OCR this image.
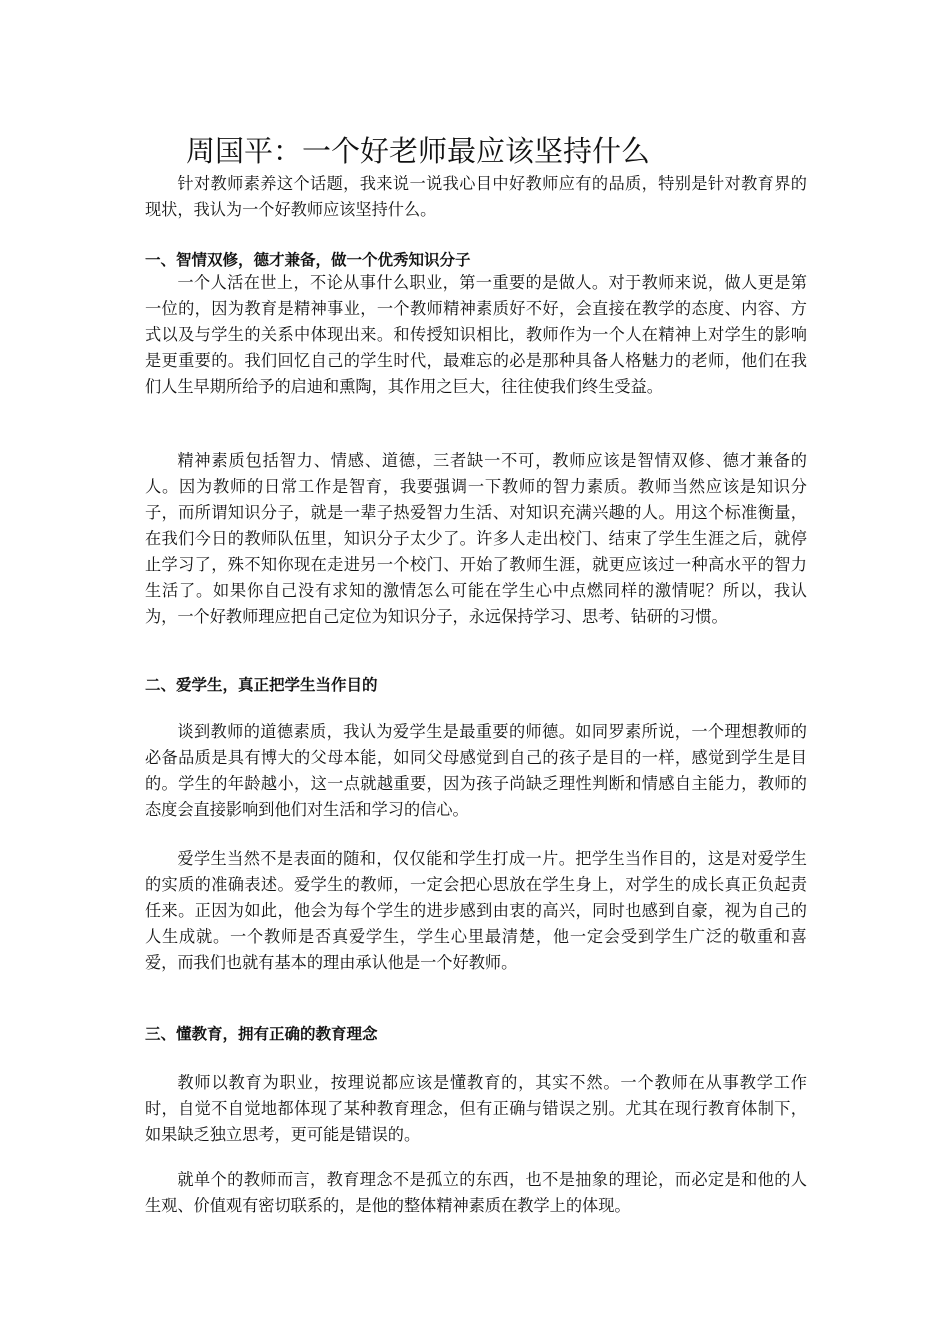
周国平：一个好老师最应该坚持什么

针对教师素养这个话题，我来说一说我心目中好教师应有的品质，特别是针对教育界的现状，我认为一个好教师应该坚持什么。

一、智情双修，德才兼备，做一个优秀知识分子

一个人活在世上，不论从事什么职业，第一重要的是做人。对于教师来说，做人更是第一位的，因为教育是精神事业，一个教师精神素质好不好，会直接在教学的态度、内容、方式以及与学生的关系中体现出来。和传授知识相比，教师作为一个人在精神上对学生的影响是更重要的。我们回忆自己的学生时代，最难忘的必是那种具备人格魅力的老师，他们在我们人生早期所给予的启迪和熏陶，其作用之巨大，往往使我们终生受益。

精神素质包括智力、情感、道德，三者缺一不可，教师应该是智情双修、德才兼备的人。因为教师的日常工作是智育，我要强调一下教师的智力素质。教师当然应该是知识分子，而所谓知识分子，就是一辈子热爱智力生活、对知识充满兴趣的人。用这个标准衡量，在我们今日的教师队伍里，知识分子太少了。许多人走出校门、结束了学生生涯之后，就停止学习了，殊不知你现在走进另一个校门、开始了教师生涯，就更应该过一种高水平的智力生活了。如果你自己没有求知的激情怎么可能在学生心中点燃同样的激情呢？所以，我认为，一个好教师理应把自己定位为知识分子，永远保持学习、思考、钻研的习惯。

二、爱学生，真正把学生当作目的

谈到教师的道德素质，我认为爱学生是最重要的师德。如同罗素所说，一个理想教师的必备品质是具有博大的父母本能，如同父母感觉到自己的孩子是目的一样，感觉到学生是目的。学生的年龄越小，这一点就越重要，因为孩子尚缺乏理性判断和情感自主能力，教师的态度会直接影响到他们对生活和学习的信心。

爱学生当然不是表面的随和，仅仅能和学生打成一片。把学生当作目的，这是对爱学生的实质的准确表述。爱学生的教师，一定会把心思放在学生身上，对学生的成长真正负起责任来。正因为如此，他会为每个学生的进步感到由衷的高兴，同时也感到自豪，视为自己的人生成就。一个教师是否真爱学生，学生心里最清楚，他一定会受到学生广泛的敬重和喜爱，而我们也就有基本的理由承认他是一个好教师。

三、懂教育，拥有正确的教育理念

教师以教育为职业，按理说都应该是懂教育的，其实不然。一个教师在从事教学工作时，自觉不自觉地都体现了某种教育理念，但有正确与错误之别。尤其在现行教育体制下，如果缺乏独立思考，更可能是错误的。

就单个的教师而言，教育理念不是孤立的东西，也不是抽象的理论，而必定是和他的人生观、价值观有密切联系的，是他的整体精神素质在教学上的体现。
